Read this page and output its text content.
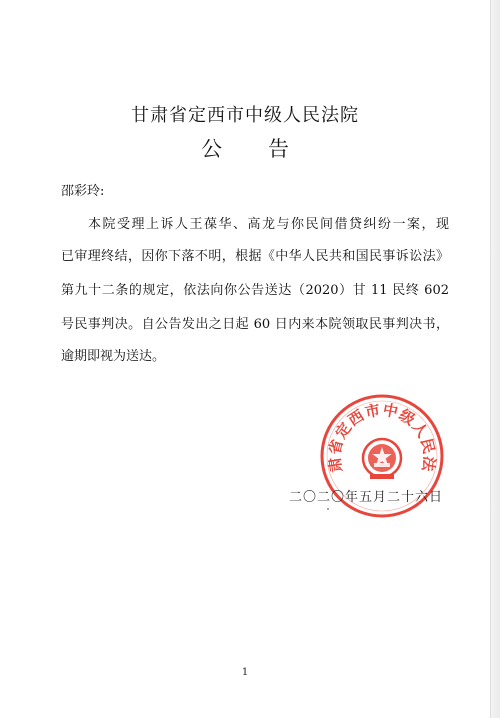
甘肃省定西市中级人民法院
公告
邵彩玲:
本院受理上诉人王葆华、高龙与你民间借贷纠纷一案，现
已审理终结，因你下落不明，根据《中华人民共和国民事诉讼法》
第九十二条的规定，依法向你公告送达（2020）甘 11 民终 602
号民事判决。自公告发出之日起 60 日内来本院领取民事判决书，
逾期即视为送达。
肃省定西市中级人民法
二〇二〇年五月二十六日
1
